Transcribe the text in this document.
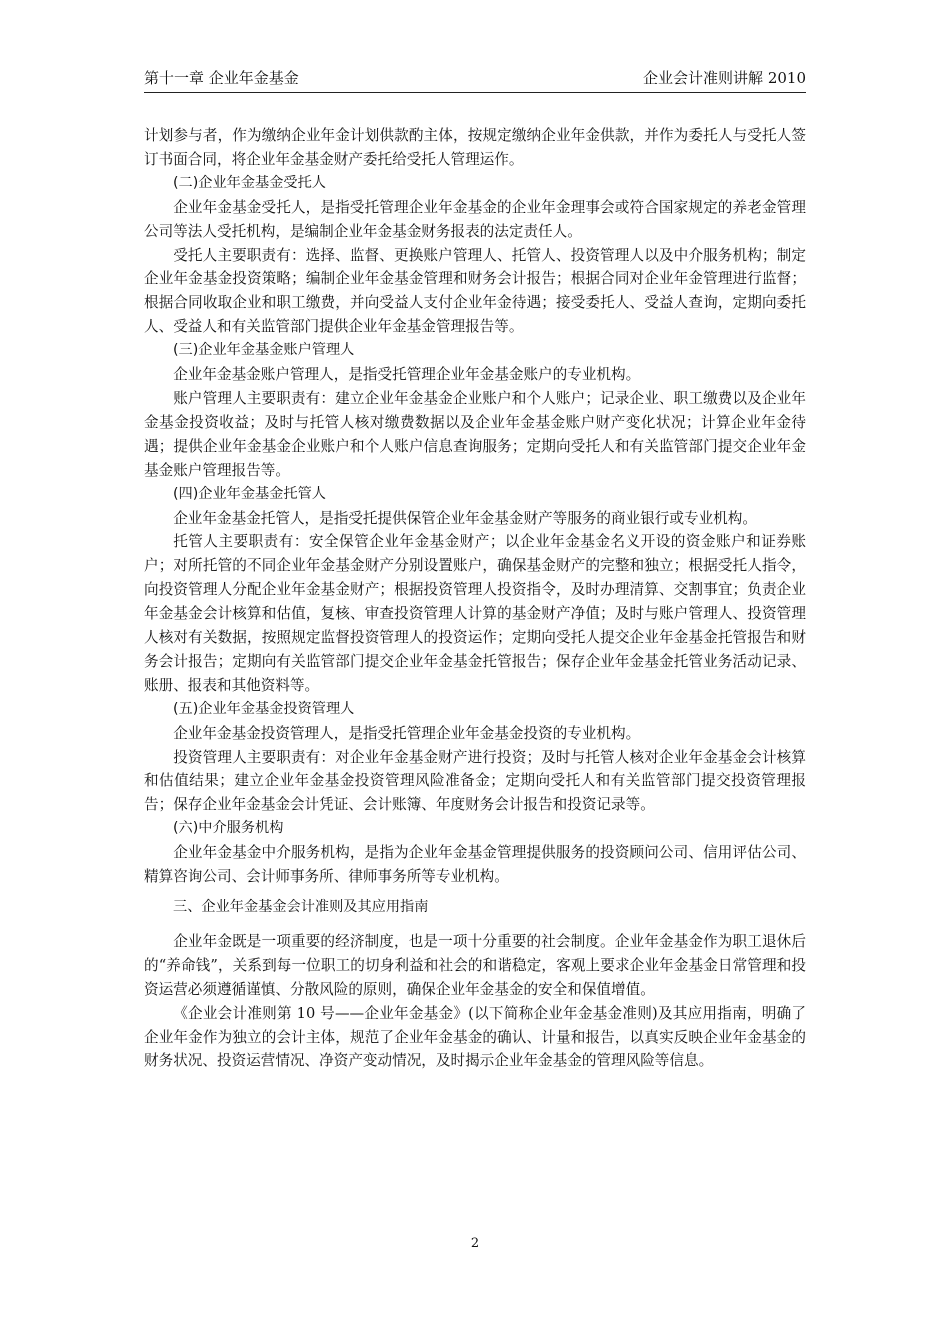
第十一章 企业年金基金	企业会计准则讲解 2010

计划参与者，作为缴纳企业年金计划供款酌主体，按规定缴纳企业年金供款，并作为委托人与受托人签订书面合同，将企业年金基金财产委托给受托人管理运作。

(二)企业年金基金受托人

企业年金基金受托人，是指受托管理企业年金基金的企业年金理事会或符合国家规定的养老金管理公司等法人受托机构，是编制企业年金基金财务报表的法定责任人。

受托人主要职责有：选择、监督、更换账户管理人、托管人、投资管理人以及中介服务机构；制定企业年金基金投资策略；编制企业年金基金管理和财务会计报告；根据合同对企业年金管理进行监督；根据合同收取企业和职工缴费，并向受益人支付企业年金待遇；接受委托人、受益人查询，定期向委托人、受益人和有关监管部门提供企业年金基金管理报告等。

(三)企业年金基金账户管理人

企业年金基金账户管理人，是指受托管理企业年金基金账户的专业机构。

账户管理人主要职责有：建立企业年金基金企业账户和个人账户；记录企业、职工缴费以及企业年金基金投资收益；及时与托管人核对缴费数据以及企业年金基金账户财产变化状况；计算企业年金待遇；提供企业年金基金企业账户和个人账户信息查询服务；定期向受托人和有关监管部门提交企业年金基金账户管理报告等。

(四)企业年金基金托管人

企业年金基金托管人，是指受托提供保管企业年金基金财产等服务的商业银行或专业机构。

托管人主要职责有：安全保管企业年金基金财产；以企业年金基金名义开设的资金账户和证券账户；对所托管的不同企业年金基金财产分别设置账户，确保基金财产的完整和独立；根据受托人指令，向投资管理人分配企业年金基金财产；根据投资管理人投资指令，及时办理清算、交割事宜；负责企业年金基金会计核算和估值，复核、审查投资管理人计算的基金财产净值；及时与账户管理人、投资管理人核对有关数据，按照规定监督投资管理人的投资运作；定期向受托人提交企业年金基金托管报告和财务会计报告；定期向有关监管部门提交企业年金基金托管报告；保存企业年金基金托管业务活动记录、账册、报表和其他资料等。

(五)企业年金基金投资管理人

企业年金基金投资管理人，是指受托管理企业年金基金投资的专业机构。

投资管理人主要职责有：对企业年金基金财产进行投资；及时与托管人核对企业年金基金会计核算和估值结果；建立企业年金基金投资管理风险准备金；定期向受托人和有关监管部门提交投资管理报告；保存企业年金基金会计凭证、会计账簿、年度财务会计报告和投资记录等。

(六)中介服务机构

企业年金基金中介服务机构，是指为企业年金基金管理提供服务的投资顾问公司、信用评估公司、精算咨询公司、会计师事务所、律师事务所等专业机构。

三、企业年金基金会计准则及其应用指南

企业年金既是一项重要的经济制度，也是一项十分重要的社会制度。企业年金基金作为职工退休后的“养命钱”，关系到每一位职工的切身利益和社会的和谐稳定，客观上要求企业年金基金日常管理和投资运营必须遵循谨慎、分散风险的原则，确保企业年金基金的安全和保值增值。

《企业会计准则第 10 号——企业年金基金》(以下简称企业年金基金准则)及其应用指南，明确了企业年金作为独立的会计主体，规范了企业年金基金的确认、计量和报告，以真实反映企业年金基金的财务状况、投资运营情况、净资产变动情况，及时揭示企业年金基金的管理风险等信息。

2
